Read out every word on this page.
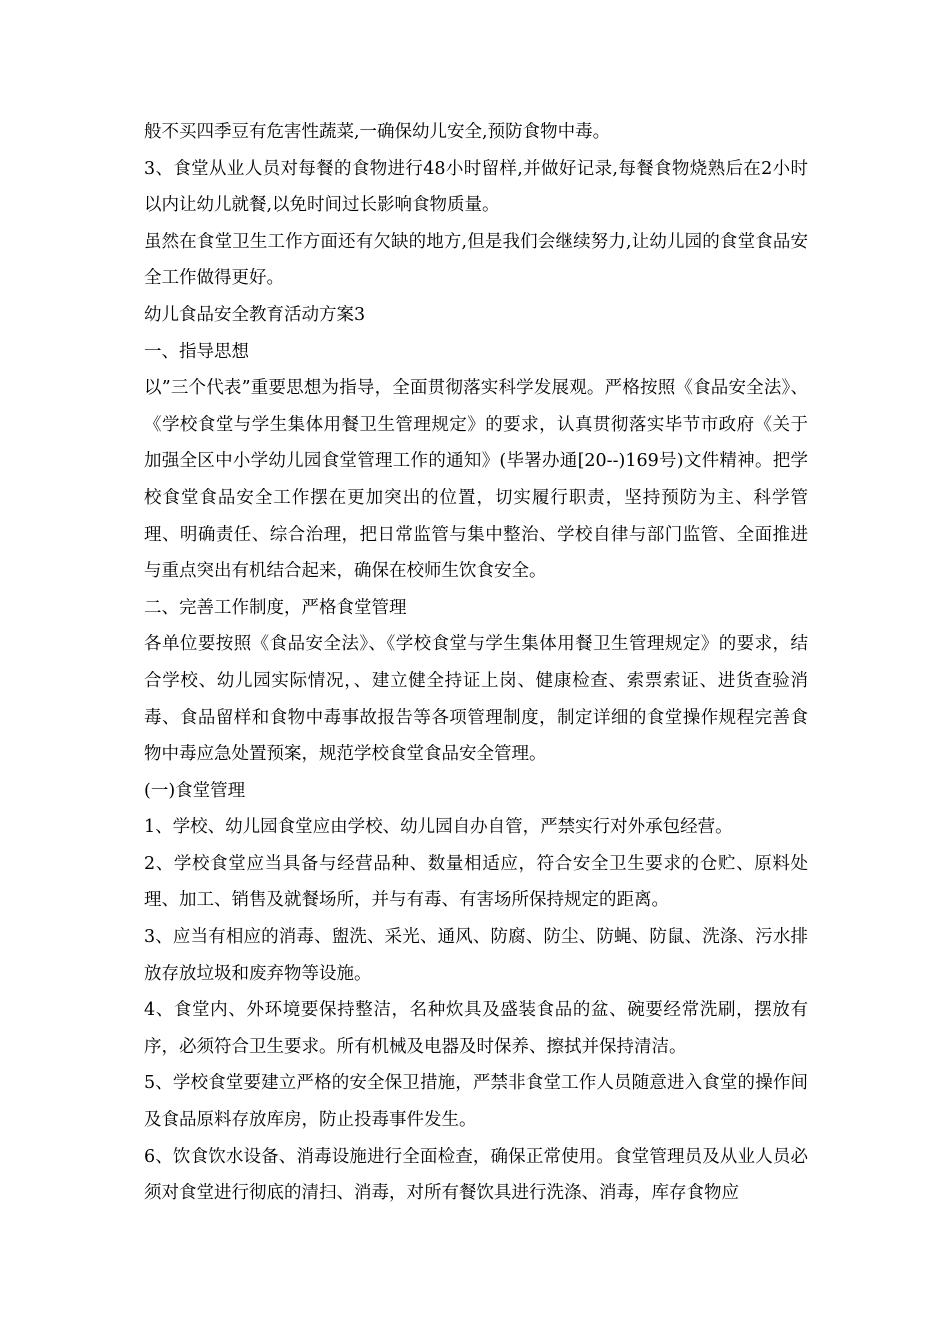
般不买四季豆有危害性蔬菜,一确保幼儿安全,预防食物中毒。

3、食堂从业人员对每餐的食物进行48小时留样,并做好记录,每餐食物烧熟后在2小时以内让幼儿就餐,以免时间过长影响食物质量。

虽然在食堂卫生工作方面还有欠缺的地方,但是我们会继续努力,让幼儿园的食堂食品安全工作做得更好。

幼儿食品安全教育活动方案3

一、指导思想

以”三个代表”重要思想为指导，全面贯彻落实科学发展观。严格按照《食品安全法》、《学校食堂与学生集体用餐卫生管理规定》的要求，认真贯彻落实毕节市政府《关于加强全区中小学幼儿园食堂管理工作的通知》(毕署办通[20--)169号)文件精神。把学校食堂食品安全工作摆在更加突出的位置，切实履行职责，坚持预防为主、科学管理、明确责任、综合治理，把日常监管与集中整治、学校自律与部门监管、全面推进与重点突出有机结合起来，确保在校师生饮食安全。

二、完善工作制度，严格食堂管理

各单位要按照《食品安全法》、《学校食堂与学生集体用餐卫生管理规定》的要求，结合学校、幼儿园实际情况，、建立健全持证上岗、健康检查、索票索证、进货查验消毒、食品留样和食物中毒事故报告等各项管理制度，制定详细的食堂操作规程完善食物中毒应急处置预案，规范学校食堂食品安全管理。

(一)食堂管理

1、学校、幼儿园食堂应由学校、幼儿园自办自管，严禁实行对外承包经营。

2、学校食堂应当具备与经营品种、数量相适应，符合安全卫生要求的仓贮、原料处理、加工、销售及就餐场所，并与有毒、有害场所保持规定的距离。

3、应当有相应的消毒、盥洗、采光、通风、防腐、防尘、防蝇、防鼠、洗涤、污水排放存放垃圾和废弃物等设施。

4、食堂内、外环境要保持整洁，名种炊具及盛装食品的盆、碗要经常洗刷，摆放有序，必须符合卫生要求。所有机械及电器及时保养、擦拭并保持清洁。

5、学校食堂要建立严格的安全保卫措施，严禁非食堂工作人员随意进入食堂的操作间及食品原料存放库房，防止投毒事件发生。

6、饮食饮水设备、消毒设施进行全面检查，确保正常使用。食堂管理员及从业人员必须对食堂进行彻底的清扫、消毒，对所有餐饮具进行洗涤、消毒，库存食物应
